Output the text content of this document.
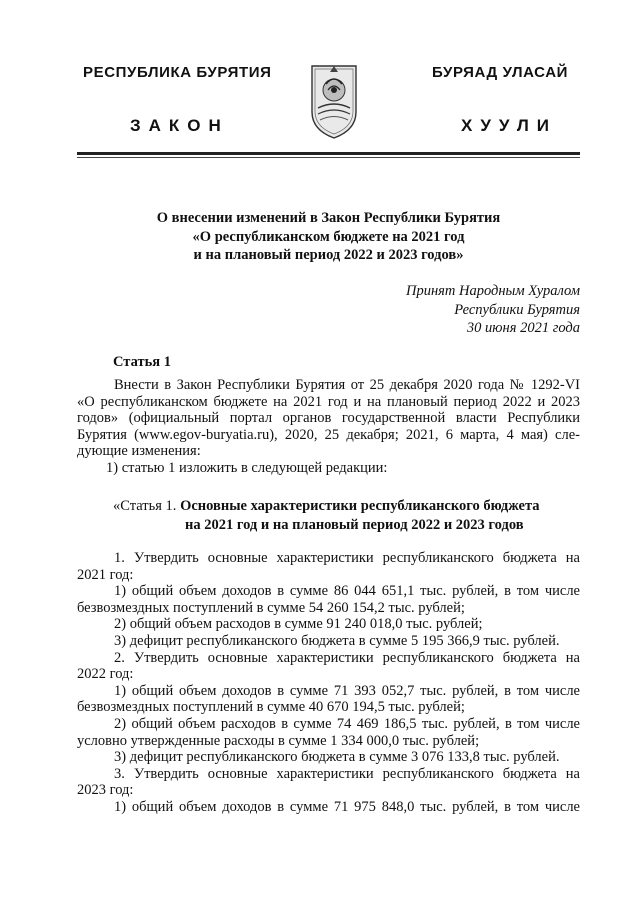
РЕСПУБЛИКА БУРЯТИЯ	БУРЯАД УЛАСАЙ
ЗАКОН	ХУУЛИ
О внесении изменений в Закон Республики Бурятия
«О республиканском бюджете на 2021 год
и на плановый период 2022 и 2023 годов»
Принят Народным Хуралом
Республики Бурятия
30 июня 2021 года
Статья 1
Внести в Закон Республики Бурятия от 25 декабря 2020 года № 1292-VI
«О республиканском бюджете на 2021 год и на плановый период 2022 и 2023
годов» (официальный портал органов государственной власти Республики
Бурятия (www.egov-buryatia.ru), 2020, 25 декабря; 2021, 6 марта, 4 мая) сле-
дующие изменения:
1) статью 1 изложить в следующей редакции:
«Статья 1. Основные характеристики республиканского бюджета
на 2021 год и на плановый период 2022 и 2023 годов
1. Утвердить основные характеристики республиканского бюджета на
2021 год:
1) общий объем доходов в сумме 86 044 651,1 тыс. рублей, в том числе
безвозмездных поступлений в сумме 54 260 154,2 тыс. рублей;
2) общий объем расходов в сумме 91 240 018,0 тыс. рублей;
3) дефицит республиканского бюджета в сумме 5 195 366,9 тыс. рублей.
2. Утвердить основные характеристики республиканского бюджета на
2022 год:
1) общий объем доходов в сумме 71 393 052,7 тыс. рублей, в том числе
безвозмездных поступлений в сумме 40 670 194,5 тыс. рублей;
2) общий объем расходов в сумме 74 469 186,5 тыс. рублей, в том числе
условно утвержденные расходы в сумме 1 334 000,0 тыс. рублей;
3) дефицит республиканского бюджета в сумме 3 076 133,8 тыс. рублей.
3. Утвердить основные характеристики республиканского бюджета на
2023 год:
1) общий объем доходов в сумме 71 975 848,0 тыс. рублей, в том числе
